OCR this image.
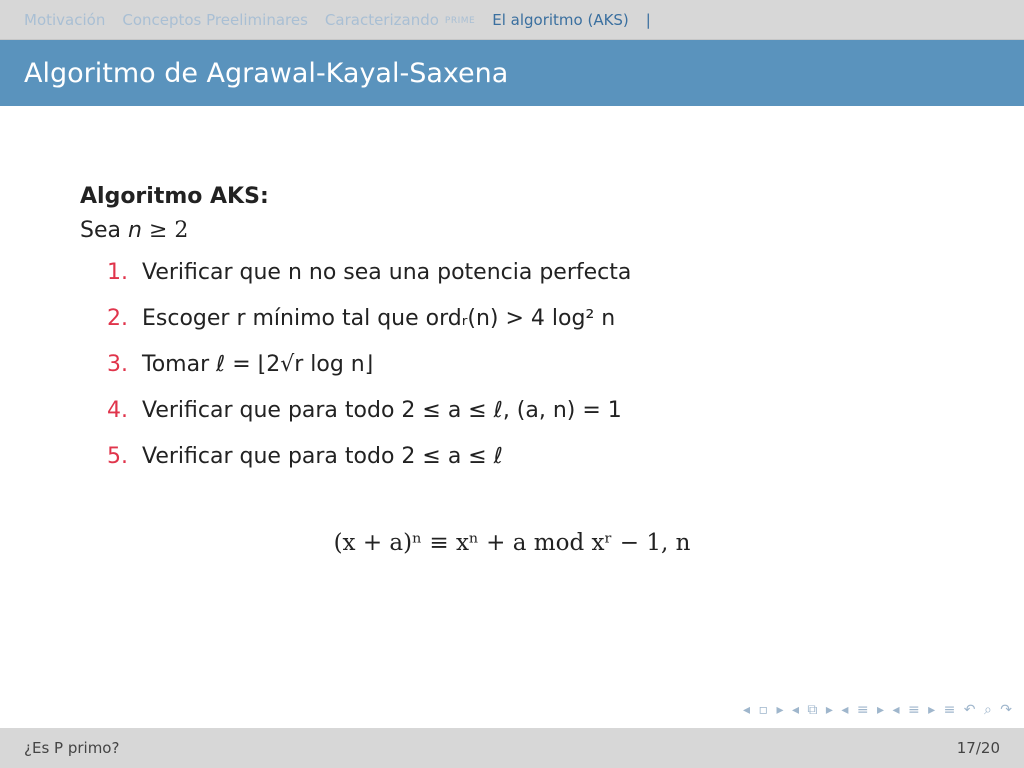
Motivación Conceptos Preeliminares Caracterizando prime El algoritmo (AKS) |
Algoritmo de Agrawal-Kayal-Saxena
Algoritmo AKS:
Sea n ≥ 2
1. Verificar que n no sea una potencia perfecta
2. Escoger r mínimo tal que ordᵣ(n) > 4 log² n
3. Tomar ℓ = ⌊2√r log n⌋
4. Verificar que para todo 2 ≤ a ≤ ℓ, (a, n) = 1
5. Verificar que para todo 2 ≤ a ≤ ℓ
(x + a)ⁿ ≡ xⁿ + a mod xʳ − 1, n
◂ ▫ ▸ ◂ ⧉ ▸ ◂ ≡ ▸ ◂ ≡ ▸ ≡ ↶ ⌕ ↷
¿Es P primo?	17/20
